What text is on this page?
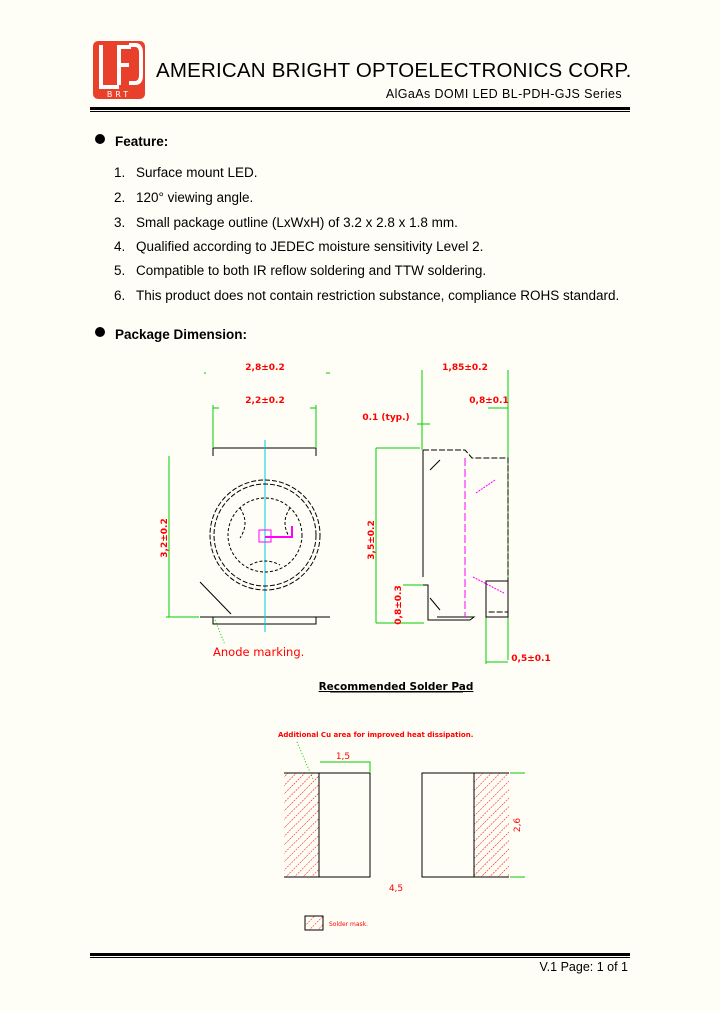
BRT
AMERICAN BRIGHT OPTOELECTRONICS CORP.
AlGaAs DOMI LED BL-PDH-GJS Series
Feature:
1. Surface mount LED.
2. 120° viewing angle.
3. Small package outline (LxWxH) of 3.2 x 2.8 x 1.8 mm.
4. Qualified according to JEDEC moisture sensitivity Level 2.
5. Compatible to both IR reflow soldering and TTW soldering.
6. This product does not contain restriction substance, compliance ROHS standard.
Package Dimension:
2,8±0.2
2,2±0.2
3,2±0.2
1,85±0.2
0,8±0.1
0.1 (typ.)
3,5±0.2
0,8±0.3
0,5±0.1
Anode marking.
Recommended Solder Pad
Additional Cu area for improved heat dissipation.
1,5
2,6
4,5
Solder mask.
V.1 Page: 1 of 1
